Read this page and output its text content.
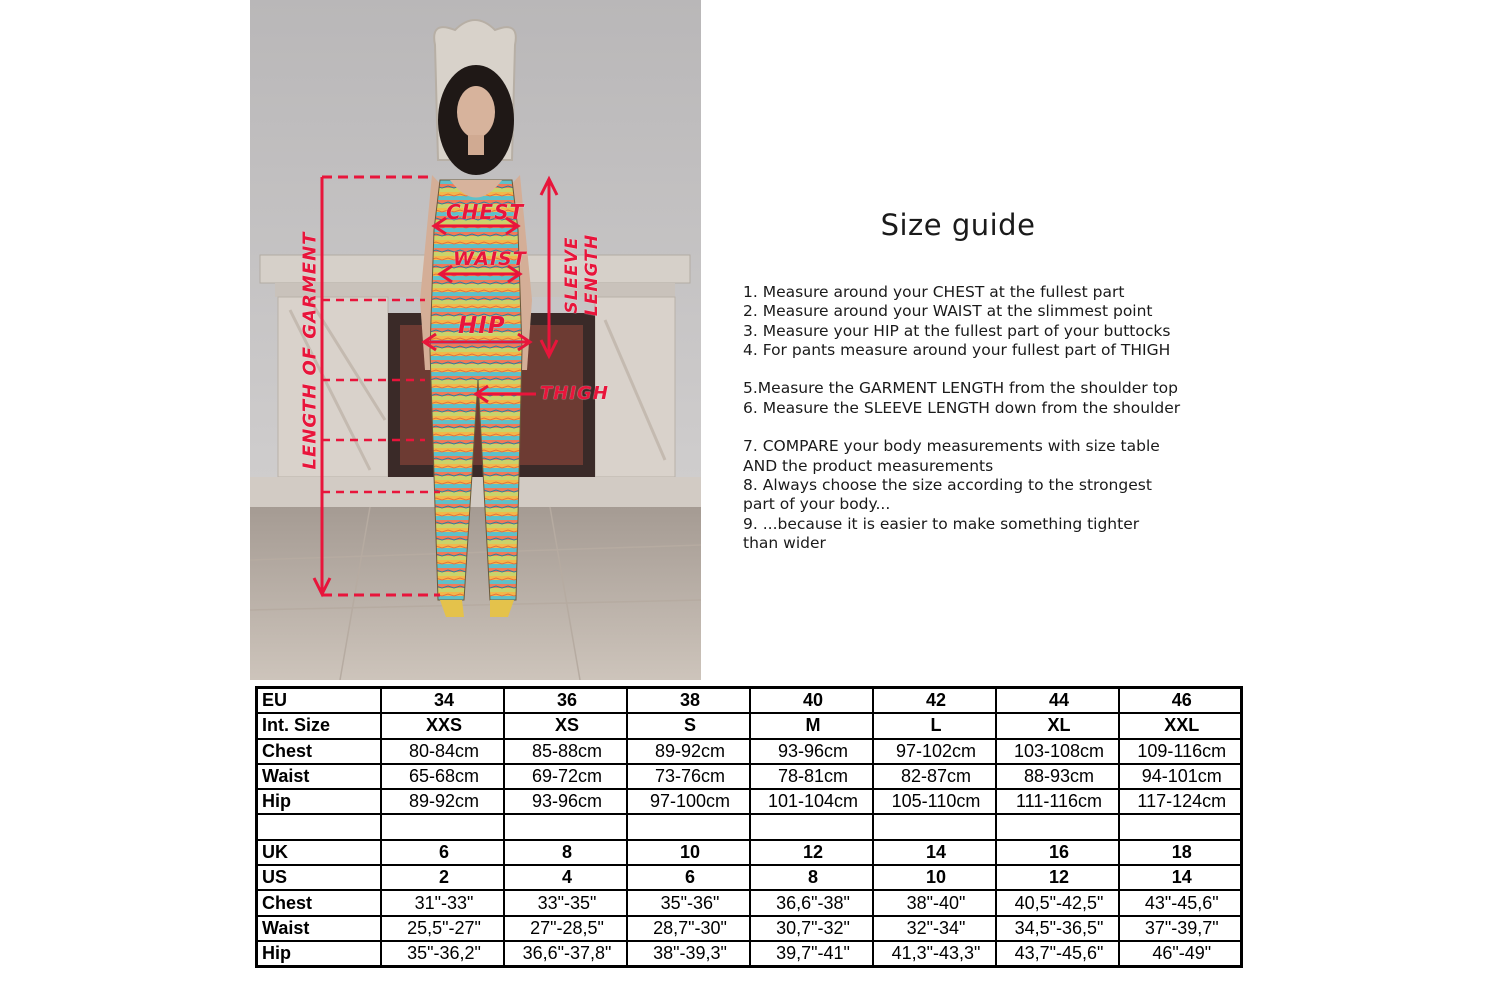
CHEST
WAIST
HIP
THIGH
LENGTH OF GARMENT	SLEEVE LENGTH
Size guide
1. Measure around your CHEST at the fullest part
2. Measure around your WAIST at the slimmest point
3. Measure your HIP at the fullest part of your buttocks
4. For pants measure around your fullest part of THIGH
5.Measure the GARMENT LENGTH from the shoulder top
6. Measure the SLEEVE LENGTH down from the shoulder
7. COMPARE your body measurements with size table
AND the product measurements
8. Always choose the size according to the strongest
part of your body...
9. ...because it is easier to make something tighter
than wider
EU	34	36	38	40	42	44	46
Int. Size	XXS	XS	S	M	L	XL	XXL
Chest	80-84cm	85-88cm	89-92cm	93-96cm	97-102cm	103-108cm	109-116cm
Waist	65-68cm	69-72cm	73-76cm	78-81cm	82-87cm	88-93cm	94-101cm
Hip	89-92cm	93-96cm	97-100cm	101-104cm	105-110cm	111-116cm	117-124cm

UK	6	8	10	12	14	16	18
US	2	4	6	8	10	12	14
Chest	31"-33"	33"-35"	35"-36"	36,6"-38"	38"-40"	40,5"-42,5"	43"-45,6"
Waist	25,5"-27"	27"-28,5"	28,7"-30"	30,7"-32"	32"-34"	34,5"-36,5"	37"-39,7"
Hip	35"-36,2"	36,6"-37,8"	38"-39,3"	39,7"-41"	41,3"-43,3"	43,7"-45,6"	46"-49"
